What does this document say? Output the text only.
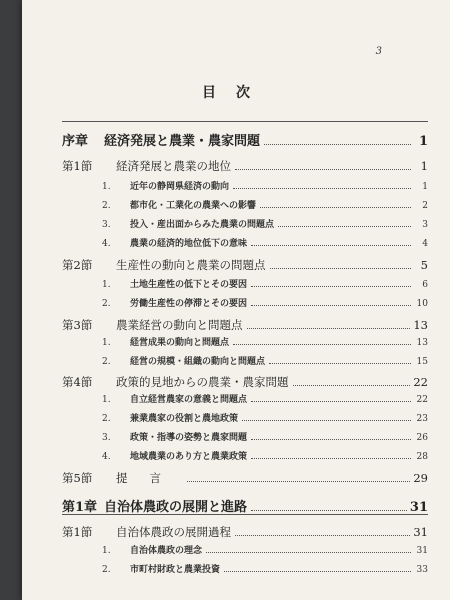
3
目次
序章	経済発展と農業・農家問題	1
第1節	経済発展と農業の地位	1
1.	近年の静岡県経済の動向	1
2.	都市化・工業化の農業への影響	2
3.	投入・産出面からみた農業の問題点	3
4.	農業の経済的地位低下の意味	4
第2節	生産性の動向と農業の問題点	5
1.	土地生産性の低下とその要因	6
2.	労働生産性の停滞とその要因	10
第3節	農業経営の動向と問題点	13
1.	経営成果の動向と問題点	13
2.	経営の規模・組織の動向と問題点	15
第4節	政策的見地からの農業・農家問題	22
1.	自立経営農家の意義と問題点	22
2.	兼業農家の役割と農地政策	23
3.	政策・指導の姿勢と農家問題	26
4.	地域農業のあり方と農業政策	28
第5節	提言	29
第1章 自治体農政の展開と進路	31
第1節	自治体農政の展開過程	31
1.	自治体農政の理念	31
2.	市町村財政と農業投資	33
